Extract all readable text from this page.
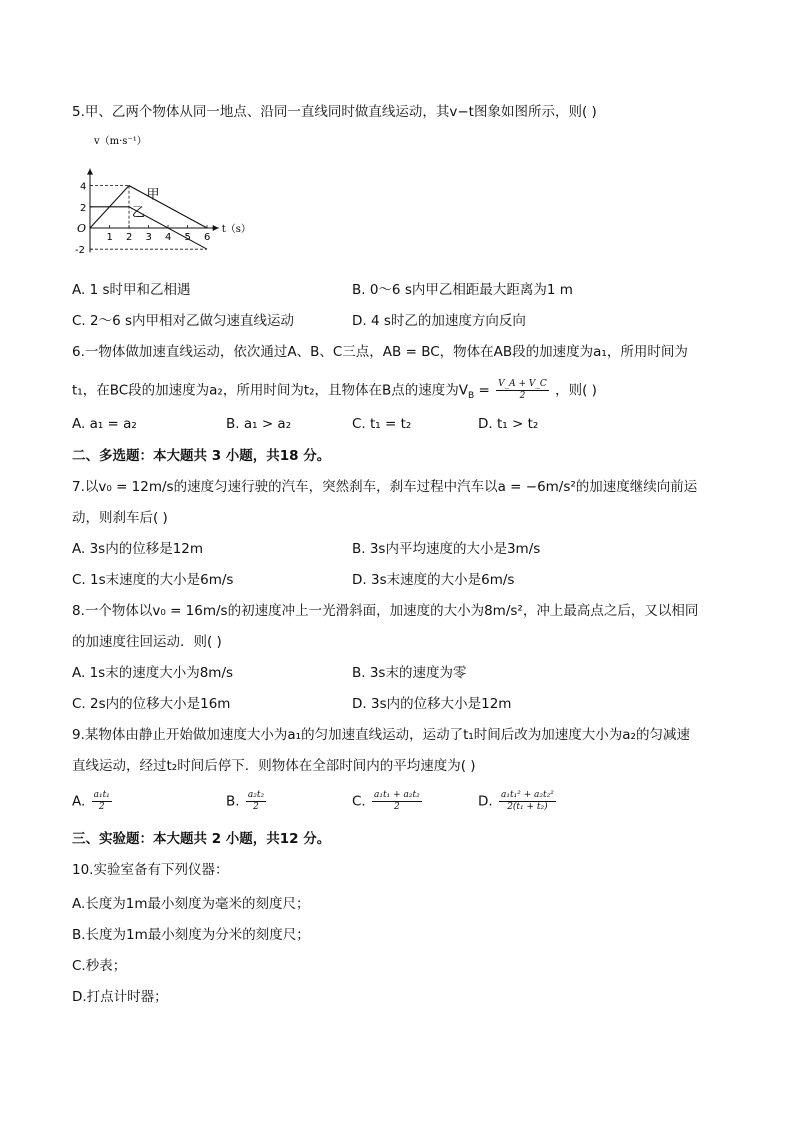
5.甲、乙两个物体从同一地点、沿同一直线同时做直线运动，其v−t图象如图所示，则( )
v（m·s⁻¹）
t（s）
O
1 2 3 4 5 6
4
2
-2
甲
乙
A. 1 s时甲和乙相遇	B. 0～6 s内甲乙相距最大距离为1 m
C. 2～6 s内甲相对乙做匀速直线运动	D. 4 s时乙的加速度方向反向
6.一物体做加速直线运动，依次通过A、B、C三点，AB = BC，物体在AB段的加速度为a₁，所用时间为
t₁，在BC段的加速度为a₂，所用时间为t₂，且物体在B点的速度为$V_B = \frac{V\_A + V\_C}{2}$ ，则( )
A. a₁ = a₂	B. a₁ > a₂	C. t₁ = t₂	D. t₁ > t₂
二、多选题：本大题共 3 小题，共18 分。
7.以v₀ = 12m/s的速度匀速行驶的汽车，突然刹车，刹车过程中汽车以a = −6m/s²的加速度继续向前运
动，则刹车后( )
A. 3s内的位移是12m	B. 3s内平均速度的大小是3m/s
C. 1s末速度的大小是6m/s	D. 3s末速度的大小是6m/s
8.一个物体以v₀ = 16m/s的初速度冲上一光滑斜面，加速度的大小为8m/s²，冲上最高点之后，又以相同
的加速度往回运动．则( )
A. 1s末的速度大小为8m/s	B. 3s末的速度为零
C. 2s内的位移大小是16m	D. 3s内的位移大小是12m
9.某物体由静止开始做加速度大小为a₁的匀加速直线运动，运动了t₁时间后改为加速度大小为a₂的匀减速
直线运动，经过t₂时间后停下．则物体在全部时间内的平均速度为( )
A. $\frac{\text{a₁t₁}}{2}$	B. $\frac{\text{a₂t₂}}{2}$	C. $\frac{\text{a₁t₁ + a₂t₂}}{2}$	D. $\frac{\text{a₁t₁² + a₂t₂²}}{\text{2(t₁ + t₂)}}$
三、实验题：本大题共 2 小题，共12 分。
10.实验室备有下列仪器：
A.长度为1m最小刻度为毫米的刻度尺；
B.长度为1m最小刻度为分米的刻度尺；
C.秒表；
D.打点计时器；
